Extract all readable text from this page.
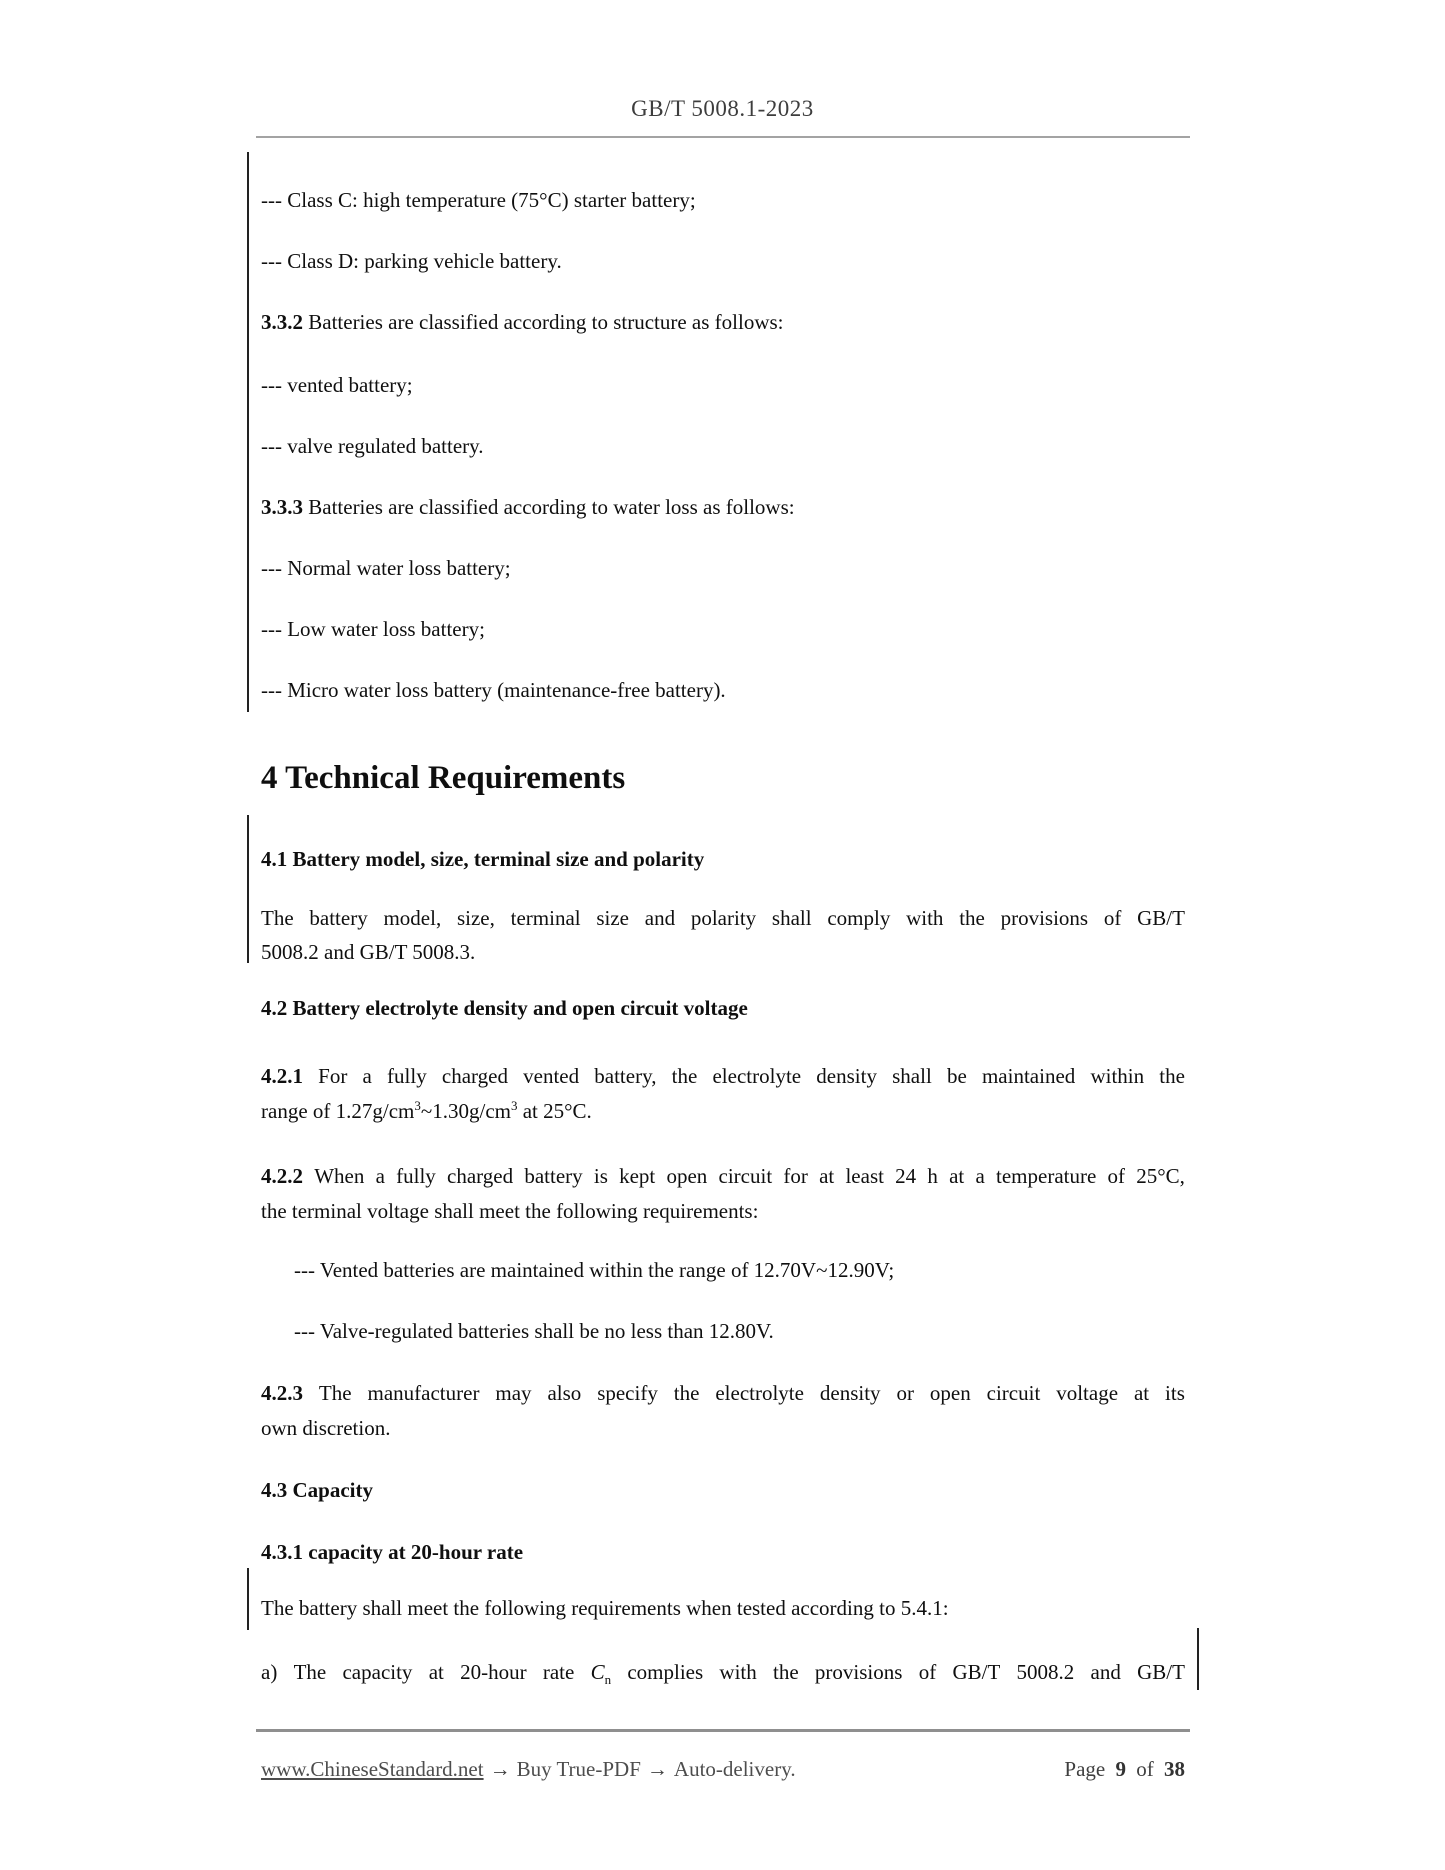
GB/T 5008.1-2023
--- Class C: high temperature (75°C) starter battery;
--- Class D: parking vehicle battery.
3.3.2 Batteries are classified according to structure as follows:
--- vented battery;
--- valve regulated battery.
3.3.3 Batteries are classified according to water loss as follows:
--- Normal water loss battery;
--- Low water loss battery;
--- Micro water loss battery (maintenance-free battery).
4 Technical Requirements
4.1 Battery model, size, terminal size and polarity
The battery model, size, terminal size and polarity shall comply with the provisions of GB/T
5008.2 and GB/T 5008.3.
4.2 Battery electrolyte density and open circuit voltage
4.2.1 For a fully charged vented battery, the electrolyte density shall be maintained within the
range of $1.27g/cm^3\sim 1.30g/cm^3$ at 25°C.
4.2.2 When a fully charged battery is kept open circuit for at least 24 h at a temperature of 25°C,
the terminal voltage shall meet the following requirements:
--- Vented batteries are maintained within the range of 12.70V~12.90V;
--- Valve-regulated batteries shall be no less than 12.80V.
4.2.3 The manufacturer may also specify the electrolyte density or open circuit voltage at its
own discretion.
4.3 Capacity
4.3.1 capacity at 20-hour rate
The battery shall meet the following requirements when tested according to 5.4.1:
a) The capacity at 20-hour rate $C_n$ complies with the provisions of GB/T 5008.2 and GB/T
www.ChineseStandard.net → Buy True-PDF → Auto-delivery.	Page 9 of 38
